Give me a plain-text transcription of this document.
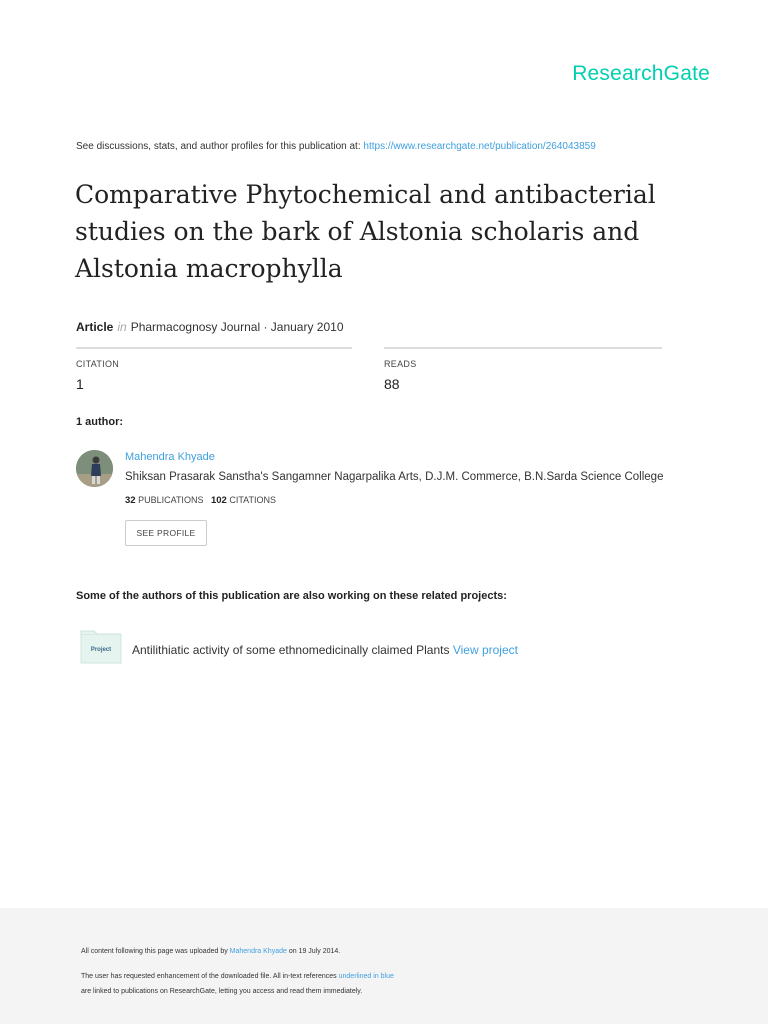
ResearchGate
See discussions, stats, and author profiles for this publication at: https://www.researchgate.net/publication/264043859
Comparative Phytochemical and antibacterial studies on the bark of Alstonia scholaris and Alstonia macrophylla
Article in Pharmacognosy Journal · January 2010
CITATION
1
READS
88
1 author:
Mahendra Khyade
Shiksan Prasarak Sanstha's Sangamner Nagarpalika Arts, D.J.M. Commerce, B.N.Sarda Science College
32 PUBLICATIONS 102 CITATIONS
SEE PROFILE
Some of the authors of this publication are also working on these related projects:
Project	Antilithiatic activity of some ethnomedicinally claimed Plants View project
All content following this page was uploaded by Mahendra Khyade on 19 July 2014.
The user has requested enhancement of the downloaded file. All in-text references underlined in blue
are linked to publications on ResearchGate, letting you access and read them immediately.
